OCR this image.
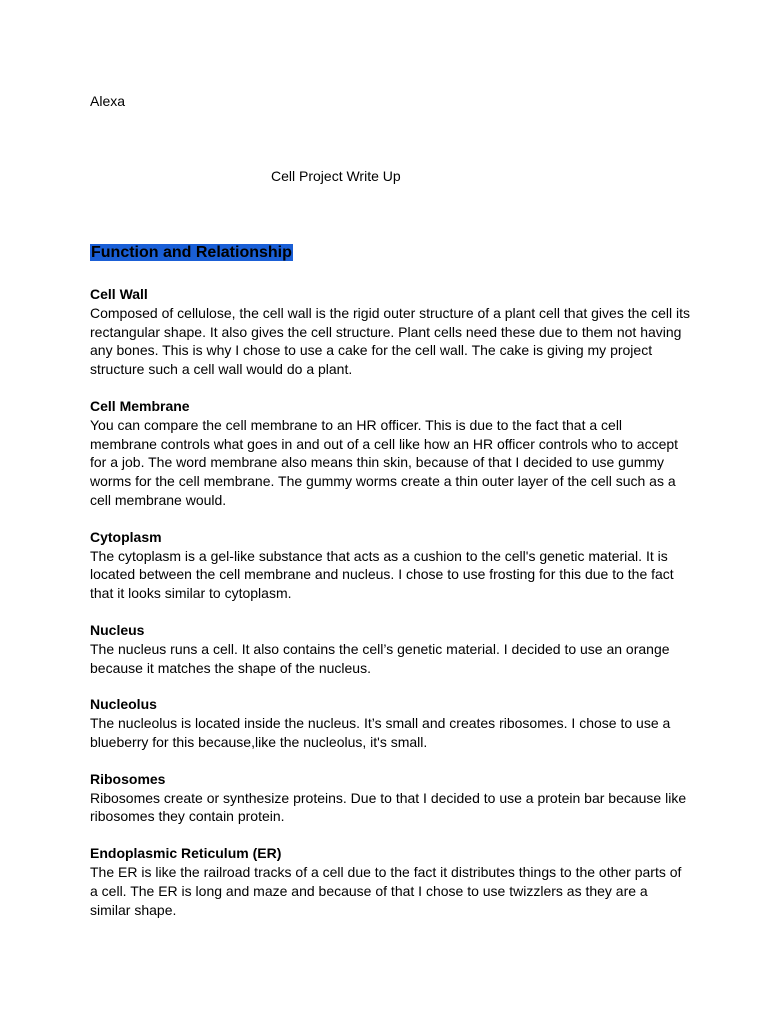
Alexa
Cell Project Write Up
Function and Relationship

Cell Wall

Composed of cellulose, the cell wall is the rigid outer structure of a plant cell that gives the cell its rectangular shape. It also gives the cell structure. Plant cells need these due to them not having any bones. This is why I chose to use a cake for the cell wall. The cake is giving my project structure such a cell wall would do a plant.

Cell Membrane

You can compare the cell membrane to an HR officer. This is due to the fact that a cell membrane controls what goes in and out of a cell like how an HR officer controls who to accept for a job. The word membrane also means thin skin, because of that I decided to use gummy worms for the cell membrane. The gummy worms create a thin outer layer of the cell such as a cell membrane would.

Cytoplasm

The cytoplasm is a gel-like substance that acts as a cushion to the cell's genetic material. It is located between the cell membrane and nucleus. I chose to use frosting for this due to the fact that it looks similar to cytoplasm.

Nucleus

The nucleus runs a cell. It also contains the cell’s genetic material. I decided to use an orange because it matches the shape of the nucleus.

Nucleolus

The nucleolus is located inside the nucleus. It’s small and creates ribosomes. I chose to use a blueberry for this because,like the nucleolus, it's small.

Ribosomes

Ribosomes create or synthesize proteins. Due to that I decided to use a protein bar because like ribosomes they contain protein.

Endoplasmic Reticulum (ER)

The ER is like the railroad tracks of a cell due to the fact it distributes things to the other parts of a cell. The ER is long and maze and because of that I chose to use twizzlers as they are a similar shape.
